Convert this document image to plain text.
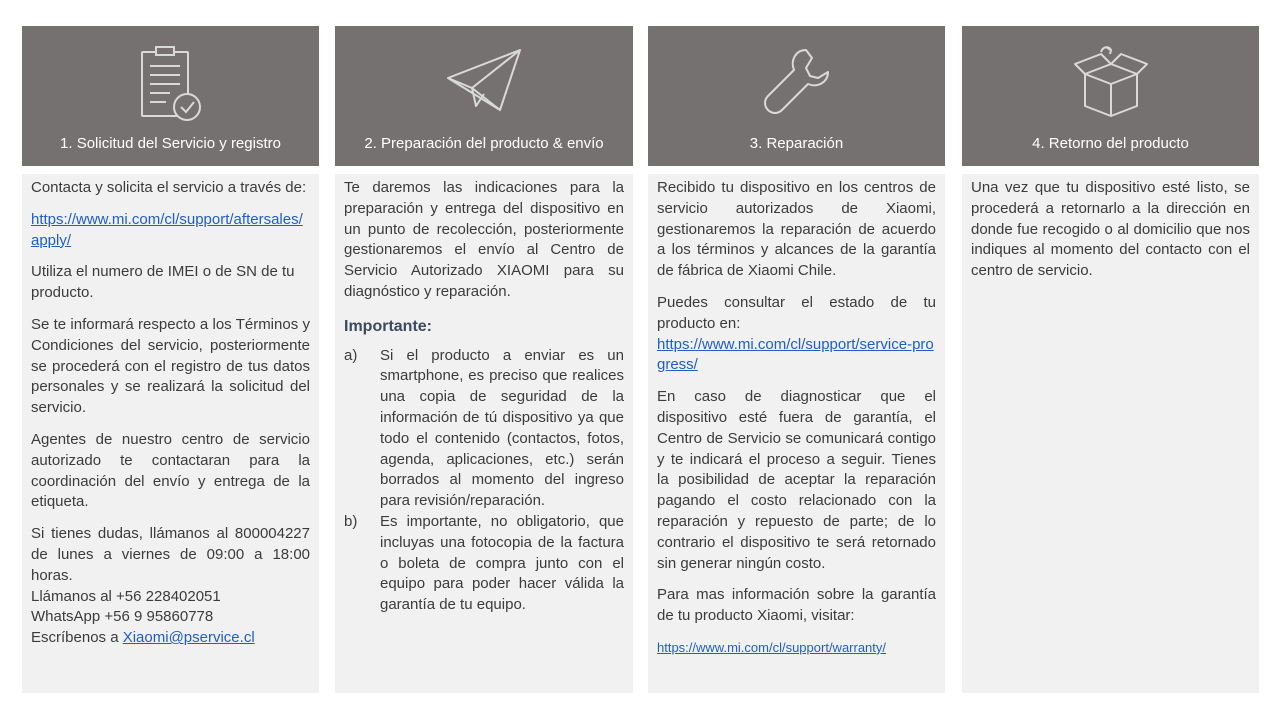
1. Solicitud del Servicio y registro

Contacta y solicita el servicio a través de:

https://www.mi.com/cl/support/aftersales/apply/

Utiliza el numero de IMEI o de SN de tu producto.

Se te informará respecto a los Términos y Condiciones del servicio, posteriormente se procederá con el registro de tus datos personales y se realizará la solicitud del servicio.

Agentes de nuestro centro de servicio autorizado te contactaran para la coordinación del envío y entrega de la etiqueta.

Si tienes dudas, llámanos al 800004227 de lunes a viernes de 09:00 a 18:00 horas.

Llámanos al +56 228402051

WhatsApp +56 9 95860778

Escríbenos a Xiaomi@pservice.cl

2. Preparación del producto & envío

Te daremos las indicaciones para la preparación y entrega del dispositivo en un punto de recolección, posteriormente gestionaremos el envío al Centro de Servicio Autorizado XIAOMI para su diagnóstico y reparación.

Importante:

a)	Si el producto a enviar es un smartphone, es preciso que realices una copia de seguridad de la información de tú dispositivo ya que todo el contenido (contactos, fotos, agenda, aplicaciones, etc.) serán borrados al momento del ingreso para revisión/reparación.
b)	Es importante, no obligatorio, que incluyas una fotocopia de la factura o boleta de compra junto con el equipo para poder hacer válida la garantía de tu equipo.
3. Reparación

Recibido tu dispositivo en los centros de servicio autorizados de Xiaomi, gestionaremos la reparación de acuerdo a los términos y alcances de la garantía de fábrica de Xiaomi Chile.

Puedes consultar el estado de tu producto en:

https://www.mi.com/cl/support/service-progress/

En caso de diagnosticar que el dispositivo esté fuera de garantía, el Centro de Servicio se comunicará contigo y te indicará el proceso a seguir. Tienes la posibilidad de aceptar la reparación pagando el costo relacionado con la reparación y repuesto de parte; de lo contrario el dispositivo te será retornado sin generar ningún costo.

Para mas información sobre la garantía de tu producto Xiaomi, visitar:

https://www.mi.com/cl/support/warranty/

4. Retorno del producto

Una vez que tu dispositivo esté listo, se procederá a retornarlo a la dirección en donde fue recogido o al domicilio que nos indiques al momento del contacto con el centro de servicio.
